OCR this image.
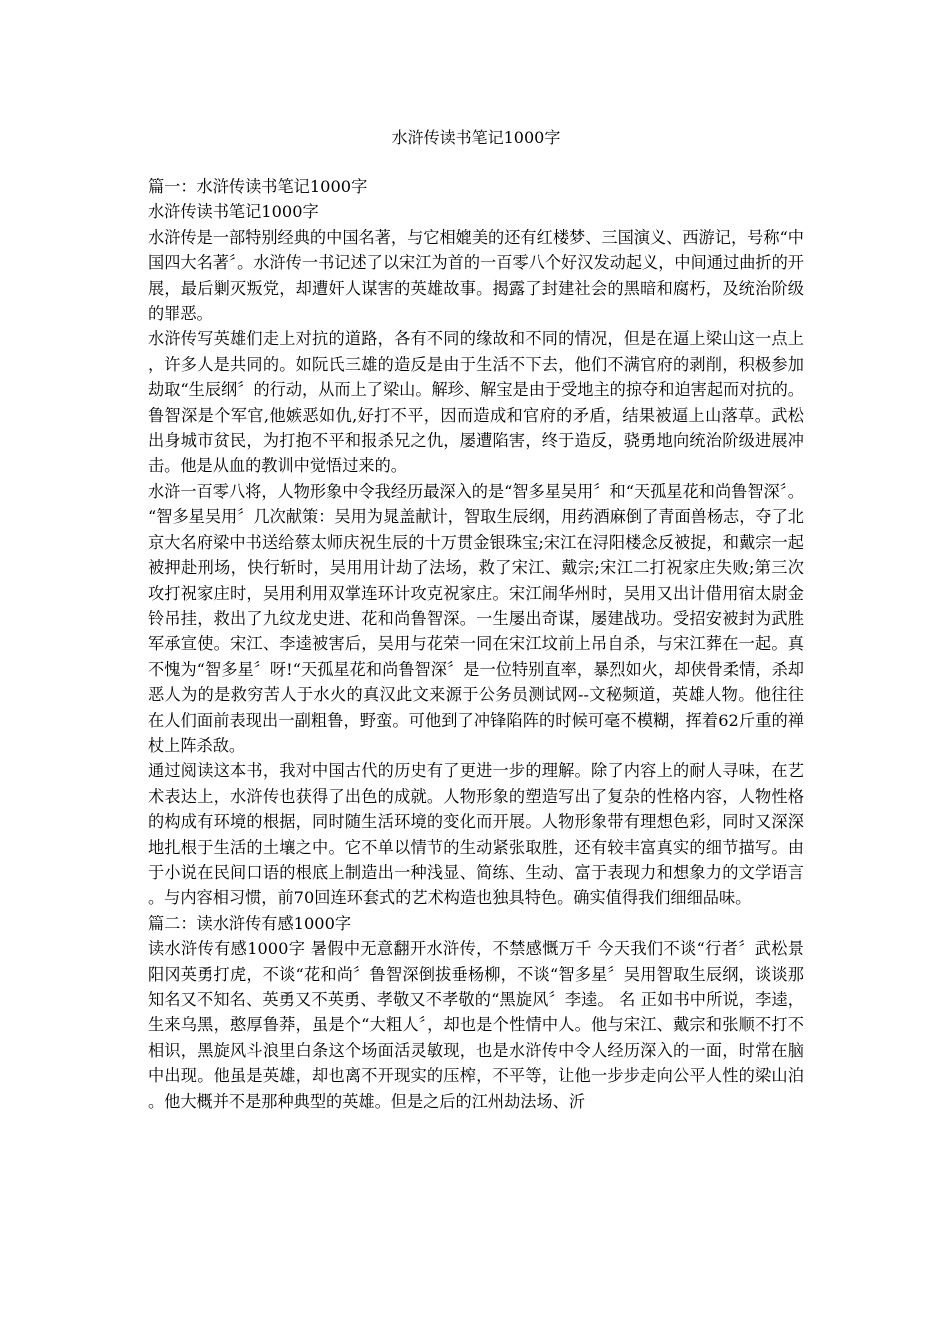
水浒传读书笔记1000字

篇一：水浒传读书笔记1000字

水浒传读书笔记1000字

水浒传是一部特别经典的中国名著，与它相媲美的还有红楼梦、三国演义、西游记，号称“中国四大名著〞。水浒传一书记述了以宋江为首的一百零八个好汉发动起义，中间通过曲折的开展，最后剿灭叛党，却遭奸人谋害的英雄故事。揭露了封建社会的黑暗和腐朽，及统治阶级的罪恶。

水浒传写英雄们走上对抗的道路，各有不同的缘故和不同的情况，但是在逼上梁山这一点上，许多人是共同的。如阮氏三雄的造反是由于生活不下去，他们不满官府的剥削，积极参加劫取“生辰纲〞的行动，从而上了梁山。解珍、解宝是由于受地主的掠夺和迫害起而对抗的。鲁智深是个军官,他嫉恶如仇,好打不平，因而造成和官府的矛盾，结果被逼上山落草。武松出身城市贫民，为打抱不平和报杀兄之仇，屡遭陷害，终于造反，骁勇地向统治阶级进展冲击。他是从血的教训中觉悟过来的。

水浒一百零八将，人物形象中令我经历最深入的是“智多星吴用〞和“天孤星花和尚鲁智深〞。“智多星吴用〞几次献策：吴用为晁盖献计，智取生辰纲，用药酒麻倒了青面兽杨志，夺了北京大名府梁中书送给蔡太师庆祝生辰的十万贯金银珠宝;宋江在浔阳楼念反被捉，和戴宗一起被押赴刑场，快行斩时，吴用用计劫了法场，救了宋江、戴宗;宋江二打祝家庄失败;第三次攻打祝家庄时，吴用利用双掌连环计攻克祝家庄。宋江闹华州时，吴用又出计借用宿太尉金铃吊挂，救出了九纹龙史进、花和尚鲁智深。一生屡出奇谋，屡建战功。受招安被封为武胜军承宣使。宋江、李逵被害后，吴用与花荣一同在宋江坟前上吊自杀，与宋江葬在一起。真不愧为“智多星〞呀!“天孤星花和尚鲁智深〞是一位特别直率，暴烈如火，却侠骨柔情，杀却恶人为的是救穷苦人于水火的真汉此文来源于公务员测试网--文秘频道，英雄人物。他往往在人们面前表现出一副粗鲁，野蛮。可他到了冲锋陷阵的时候可毫不模糊，挥着62斤重的禅杖上阵杀敌。

通过阅读这本书，我对中国古代的历史有了更进一步的理解。除了内容上的耐人寻味，在艺术表达上，水浒传也获得了出色的成就。人物形象的塑造写出了复杂的性格内容，人物性格的构成有环境的根据，同时随生活环境的变化而开展。人物形象带有理想色彩，同时又深深地扎根于生活的土壤之中。它不单以情节的生动紧张取胜，还有较丰富真实的细节描写。由于小说在民间口语的根底上制造出一种浅显、简练、生动、富于表现力和想象力的文学语言。与内容相习惯，前70回连环套式的艺术构造也独具特色。确实值得我们细细品味。

篇二：读水浒传有感1000字

读水浒传有感1000字 暑假中无意翻开水浒传，不禁感慨万千 今天我们不谈“行者〞武松景阳冈英勇打虎，不谈“花和尚〞鲁智深倒拔垂杨柳，不谈“智多星〞吴用智取生辰纲，谈谈那知名又不知名、英勇又不英勇、孝敬又不孝敬的“黑旋风〞李逵。 名 正如书中所说，李逵，生来乌黑，憨厚鲁莽，虽是个“大粗人〞，却也是个性情中人。他与宋江、戴宗和张顺不打不相识，黑旋风斗浪里白条这个场面活灵敏现，也是水浒传中令人经历深入的一面，时常在脑中出现。他虽是英雄，却也离不开现实的压榨，不平等，让他一步步走向公平人性的梁山泊。他大概并不是那种典型的英雄。但是之后的江州劫法场、沂
